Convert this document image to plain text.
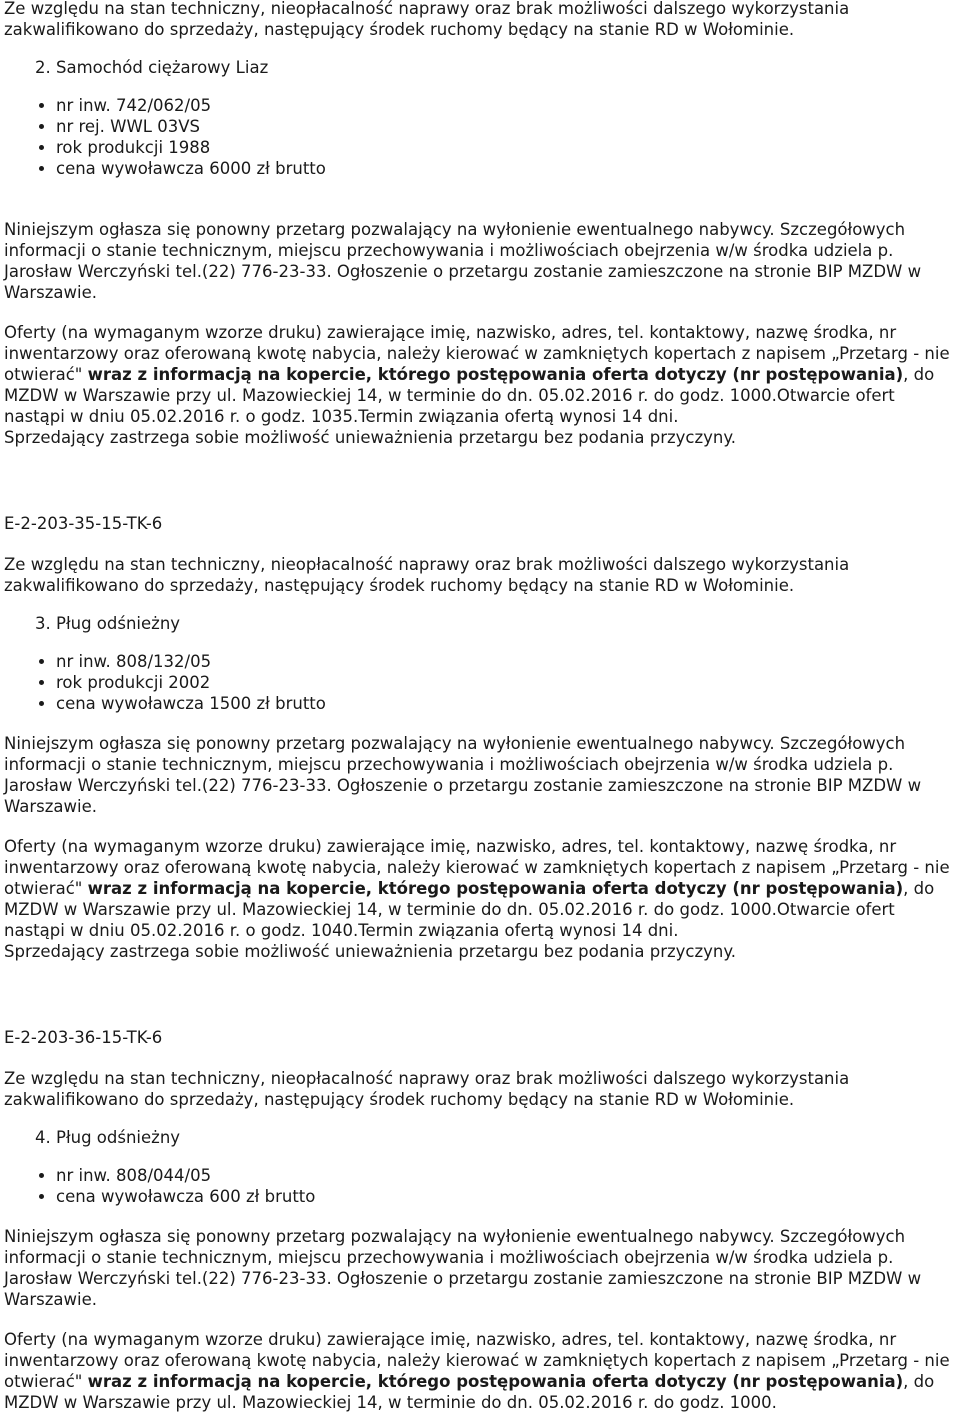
Ze względu na stan techniczny, nieopłacalność naprawy oraz brak możliwości dalszego wykorzystania zakwalifikowano do sprzedaży, następujący środek ruchomy będący na stanie RD w Wołominie.

2. Samochód ciężarowy Liaz

• nr inw. 742/062/05
• nr rej. WWL 03VS
• rok produkcji 1988
• cena wywoławcza 6000 zł brutto

Niniejszym ogłasza się ponowny przetarg pozwalający na wyłonienie ewentualnego nabywcy. Szczegółowych informacji o stanie technicznym, miejscu przechowywania i możliwościach obejrzenia w/w środka udziela p. Jarosław Werczyński tel.(22) 776-23-33. Ogłoszenie o przetargu zostanie zamieszczone na stronie BIP MZDW w Warszawie.

Oferty (na wymaganym wzorze druku) zawierające imię, nazwisko, adres, tel. kontaktowy, nazwę środka, nr inwentarzowy oraz oferowaną kwotę nabycia, należy kierować w zamkniętych kopertach z napisem „Przetarg - nie otwierać" wraz z informacją na kopercie, którego postępowania oferta dotyczy (nr postępowania), do MZDW w Warszawie przy ul. Mazowieckiej 14, w terminie do dn. 05.02.2016 r. do godz. 1000.Otwarcie ofert nastąpi w dniu 05.02.2016 r. o godz. 1035.Termin związania ofertą wynosi 14 dni.

Sprzedający zastrzega sobie możliwość unieważnienia przetargu bez podania przyczyny.

E-2-203-35-15-TK-6

Ze względu na stan techniczny, nieopłacalność naprawy oraz brak możliwości dalszego wykorzystania zakwalifikowano do sprzedaży, następujący środek ruchomy będący na stanie RD w Wołominie.

3. Pług odśnieżny

• nr inw. 808/132/05
• rok produkcji 2002
• cena wywoławcza 1500 zł brutto

Niniejszym ogłasza się ponowny przetarg pozwalający na wyłonienie ewentualnego nabywcy. Szczegółowych informacji o stanie technicznym, miejscu przechowywania i możliwościach obejrzenia w/w środka udziela p. Jarosław Werczyński tel.(22) 776-23-33. Ogłoszenie o przetargu zostanie zamieszczone na stronie BIP MZDW w Warszawie.

Oferty (na wymaganym wzorze druku) zawierające imię, nazwisko, adres, tel. kontaktowy, nazwę środka, nr inwentarzowy oraz oferowaną kwotę nabycia, należy kierować w zamkniętych kopertach z napisem „Przetarg - nie otwierać" wraz z informacją na kopercie, którego postępowania oferta dotyczy (nr postępowania), do MZDW w Warszawie przy ul. Mazowieckiej 14, w terminie do dn. 05.02.2016 r. do godz. 1000.Otwarcie ofert nastąpi w dniu 05.02.2016 r. o godz. 1040.Termin związania ofertą wynosi 14 dni.

Sprzedający zastrzega sobie możliwość unieważnienia przetargu bez podania przyczyny.

E-2-203-36-15-TK-6

Ze względu na stan techniczny, nieopłacalność naprawy oraz brak możliwości dalszego wykorzystania zakwalifikowano do sprzedaży, następujący środek ruchomy będący na stanie RD w Wołominie.

4. Pług odśnieżny

• nr inw. 808/044/05
• cena wywoławcza 600 zł brutto

Niniejszym ogłasza się ponowny przetarg pozwalający na wyłonienie ewentualnego nabywcy. Szczegółowych informacji o stanie technicznym, miejscu przechowywania i możliwościach obejrzenia w/w środka udziela p. Jarosław Werczyński tel.(22) 776-23-33. Ogłoszenie o przetargu zostanie zamieszczone na stronie BIP MZDW w Warszawie.

Oferty (na wymaganym wzorze druku) zawierające imię, nazwisko, adres, tel. kontaktowy, nazwę środka, nr inwentarzowy oraz oferowaną kwotę nabycia, należy kierować w zamkniętych kopertach z napisem „Przetarg - nie otwierać" wraz z informacją na kopercie, którego postępowania oferta dotyczy (nr postępowania), do MZDW w Warszawie przy ul. Mazowieckiej 14, w terminie do dn. 05.02.2016 r. do godz. 1000.
